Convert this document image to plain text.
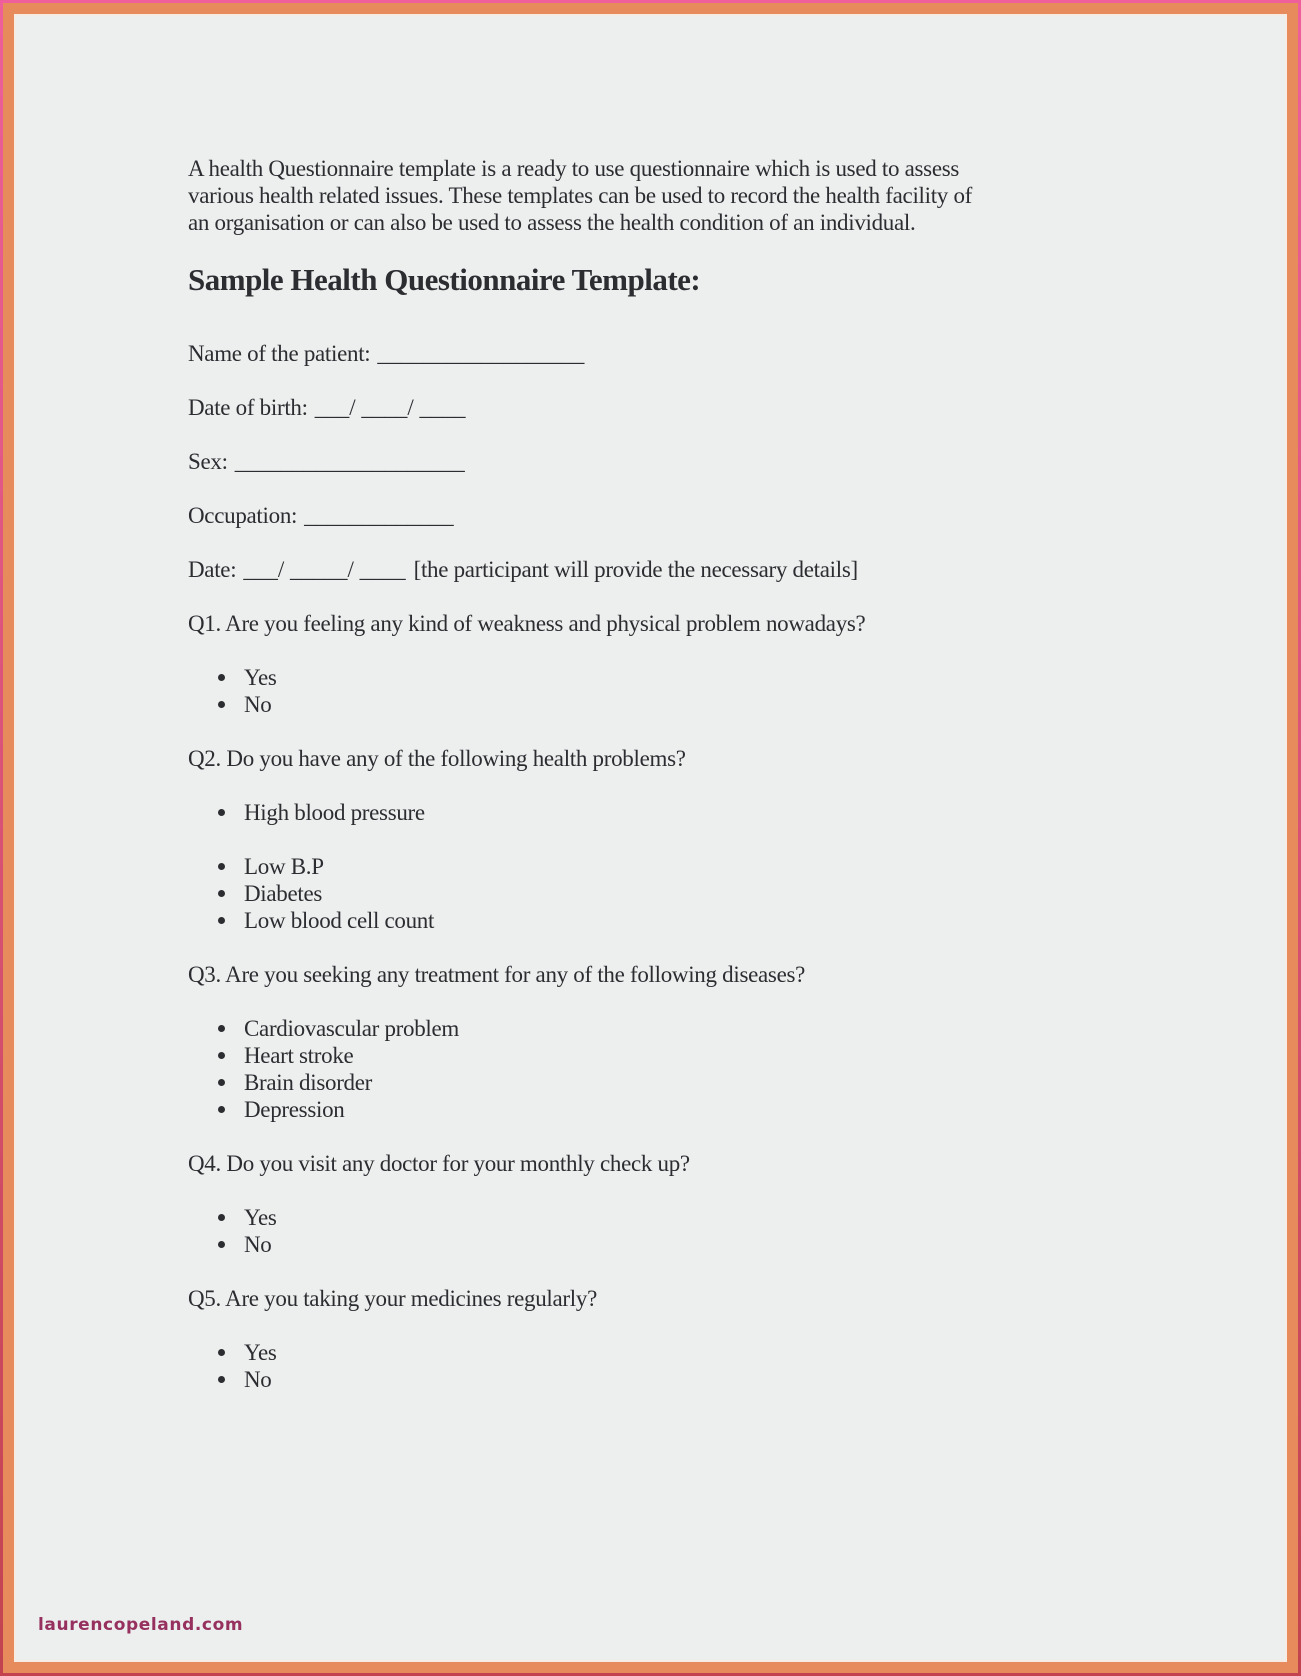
A health Questionnaire template is a ready to use questionnaire which is used to assess
various health related issues. These templates can be used to record the health facility of
an organisation or can also be used to assess the health condition of an individual.
Sample Health Questionnaire Template:
Name of the patient: __________________
Date of birth: ___/ ____/ ____
Sex: ____________________
Occupation: _____________
Date: ___/ _____/ ____ [the participant will provide the necessary details]

Q1. Are you feeling any kind of weakness and physical problem nowadays?

Yes
No

Q2. Do you have any of the following health problems?

High blood pressure
Low B.P
Diabetes
Low blood cell count

Q3. Are you seeking any treatment for any of the following diseases?

Cardiovascular problem
Heart stroke
Brain disorder
Depression

Q4. Do you visit any doctor for your monthly check up?

Yes
No

Q5. Are you taking your medicines regularly?

Yes
No
laurencopeland.com
